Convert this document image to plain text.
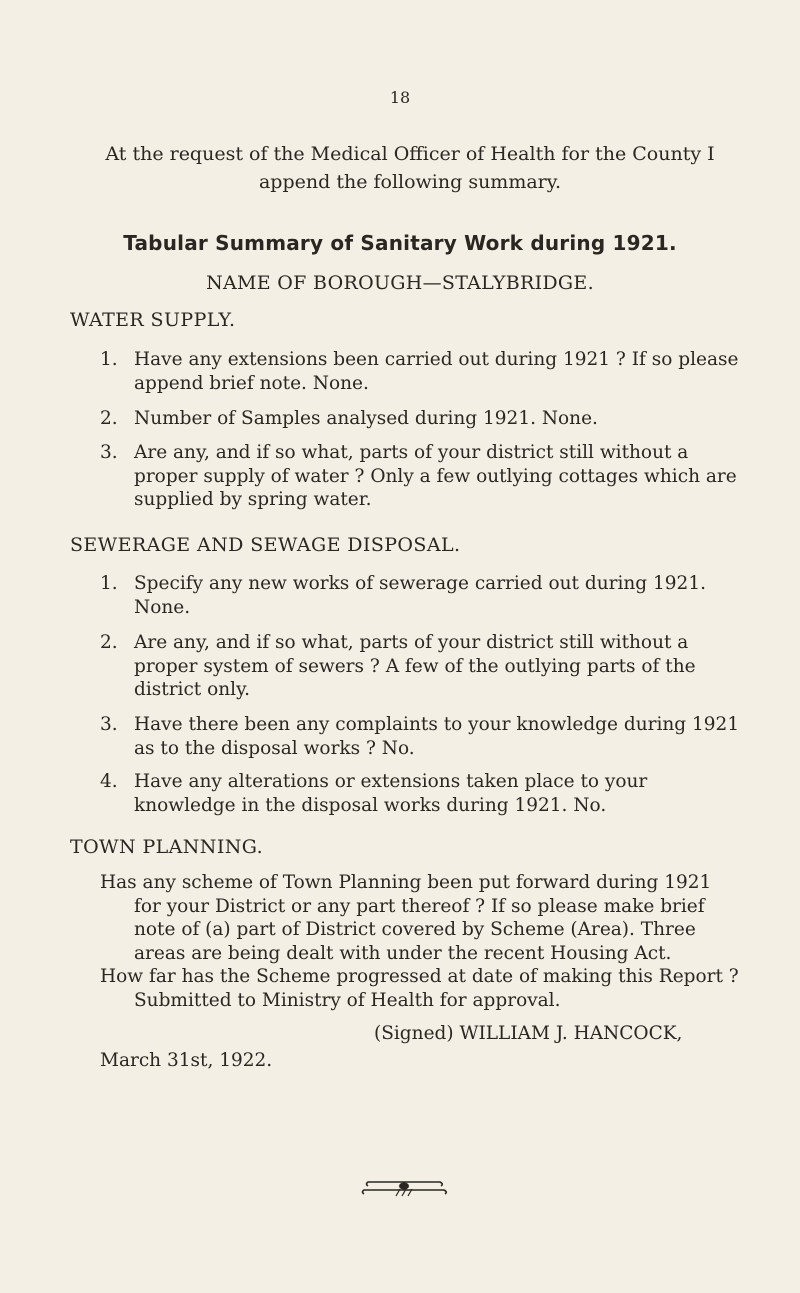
18
At the request of the Medical Officer of Health for the County I append the following summary.
Tabular Summary of Sanitary Work during 1921.
NAME OF BOROUGH—STALYBRIDGE.
WATER SUPPLY.
1. Have any extensions been carried out during 1921 ? If so please append brief note. None.
2. Number of Samples analysed during 1921. None.
3. Are any, and if so what, parts of your district still without a proper supply of water ? Only a few outlying cottages which are supplied by spring water.
SEWERAGE AND SEWAGE DISPOSAL.
1. Specify any new works of sewerage carried out during 1921. None.
2. Are any, and if so what, parts of your district still without a proper system of sewers ? A few of the outlying parts of the district only.
3. Have there been any complaints to your knowledge during 1921 as to the disposal works ? No.
4. Have any alterations or extensions taken place to your knowledge in the disposal works during 1921. No.
TOWN PLANNING.
Has any scheme of Town Planning been put forward during 1921 for your District or any part thereof ? If so please make brief note of (a) part of District covered by Scheme (Area). Three areas are being dealt with under the recent Housing Act.
How far has the Scheme progressed at date of making this Report ? Submitted to Ministry of Health for approval.
(Signed) WILLIAM J. HANCOCK,
March 31st, 1922.
